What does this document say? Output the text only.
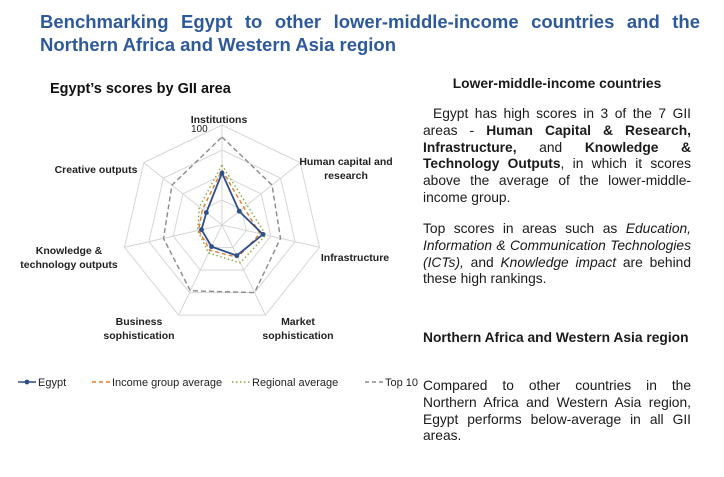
Benchmarking Egypt to other lower-middle-income countries and the Northern Africa and Western Asia region
Egypt’s scores by GII area
100
Institutions
Human capital and
research
Infrastructure
Market
sophistication
Business
sophistication
Knowledge &
technology outputs
Creative outputs
Egypt	Income group average	Regional average	Top 10
Lower-middle-income countries

Egypt has high scores in 3 of the 7 GII areas - Human Capital & Research, Infrastructure, and Knowledge & Technology Outputs, in which it scores above the average of the lower-middle-income group.

Top scores in areas such as Education, Information & Communication Technologies (ICTs), and Knowledge impact are behind these high rankings.

Northern Africa and Western Asia region

Compared to other countries in the Northern Africa and Western Asia region, Egypt performs below-average in all GII areas.
